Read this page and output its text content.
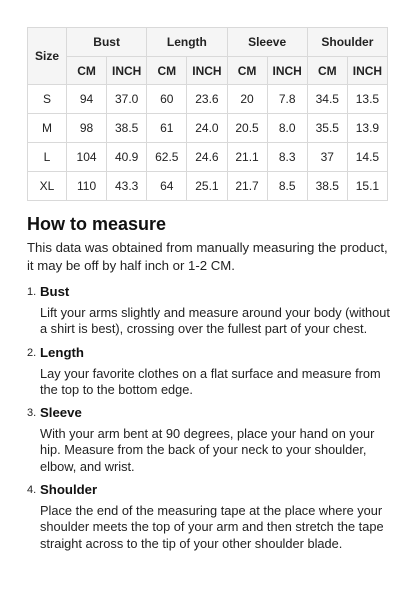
Size	Bust		Length		Sleeve		Shoulder	
	CM	INCH	CM	INCH	CM	INCH	CM	INCH
S	94	37.0	60	23.6	20	7.8	34.5	13.5
M	98	38.5	61	24.0	20.5	8.0	35.5	13.9
L	104	40.9	62.5	24.6	21.1	8.3	37	14.5
XL	110	43.3	64	25.1	21.7	8.5	38.5	15.1
How to measure

This data was obtained from manually measuring the product, it may be off by half inch or 1-2 CM.

1. Bust

Lift your arms slightly and measure around your body (without a shirt is best), crossing over the fullest part of your chest.

2. Length

Lay your favorite clothes on a flat surface and measure from the top to the bottom edge.

3. Sleeve

With your arm bent at 90 degrees, place your hand on your hip. Measure from the back of your neck to your shoulder, elbow, and wrist.

4. Shoulder

Place the end of the measuring tape at the place where your shoulder meets the top of your arm and then stretch the tape straight across to the tip of your other shoulder blade.
